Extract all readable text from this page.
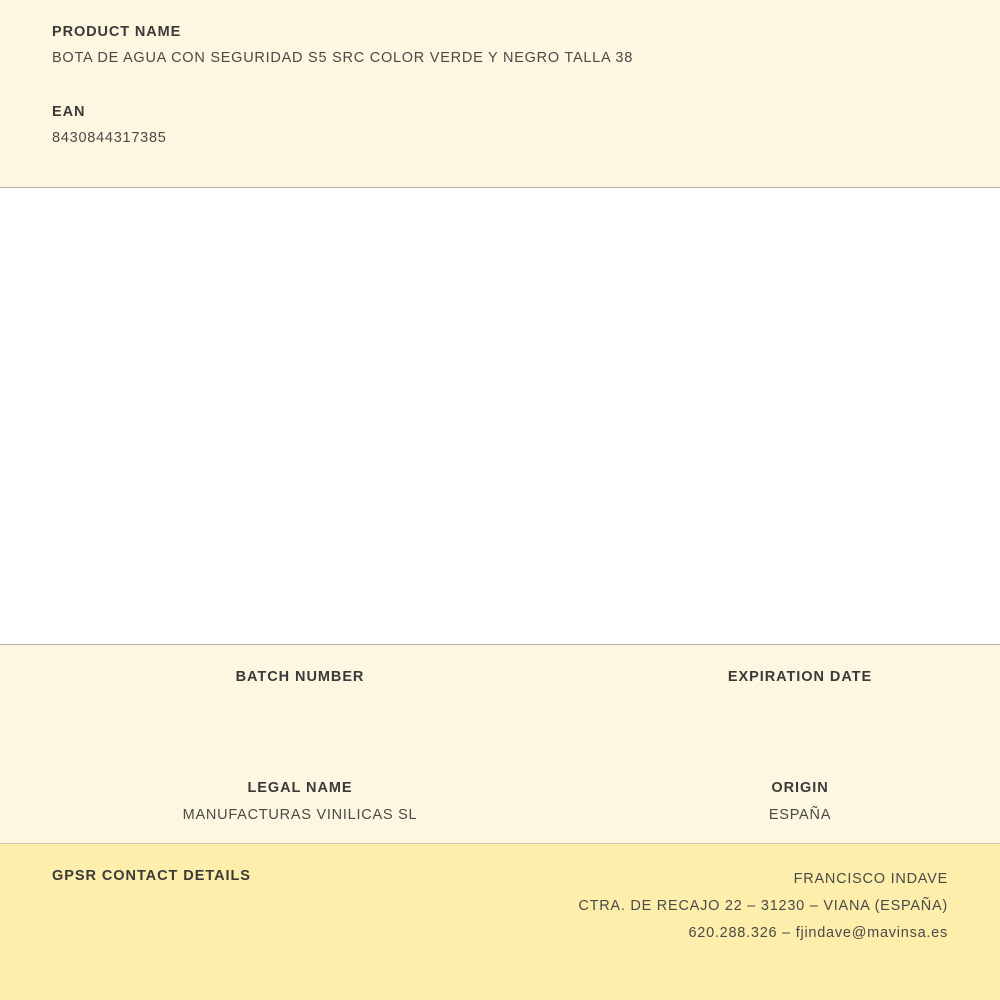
PRODUCT NAME

BOTA DE AGUA CON SEGURIDAD S5 SRC COLOR VERDE Y NEGRO TALLA 38

EAN

8430844317385

BATCH NUMBER	EXPIRATION DATE

LEGAL NAME

MANUFACTURAS VINILICAS SL

ORIGIN

ESPAÑA

GPSR CONTACT DETAILS	FRANCISCO INDAVE
CTRA. DE RECAJO 22 – 31230 – VIANA (ESPAÑA)
620.288.326 – fjindave@mavinsa.es
